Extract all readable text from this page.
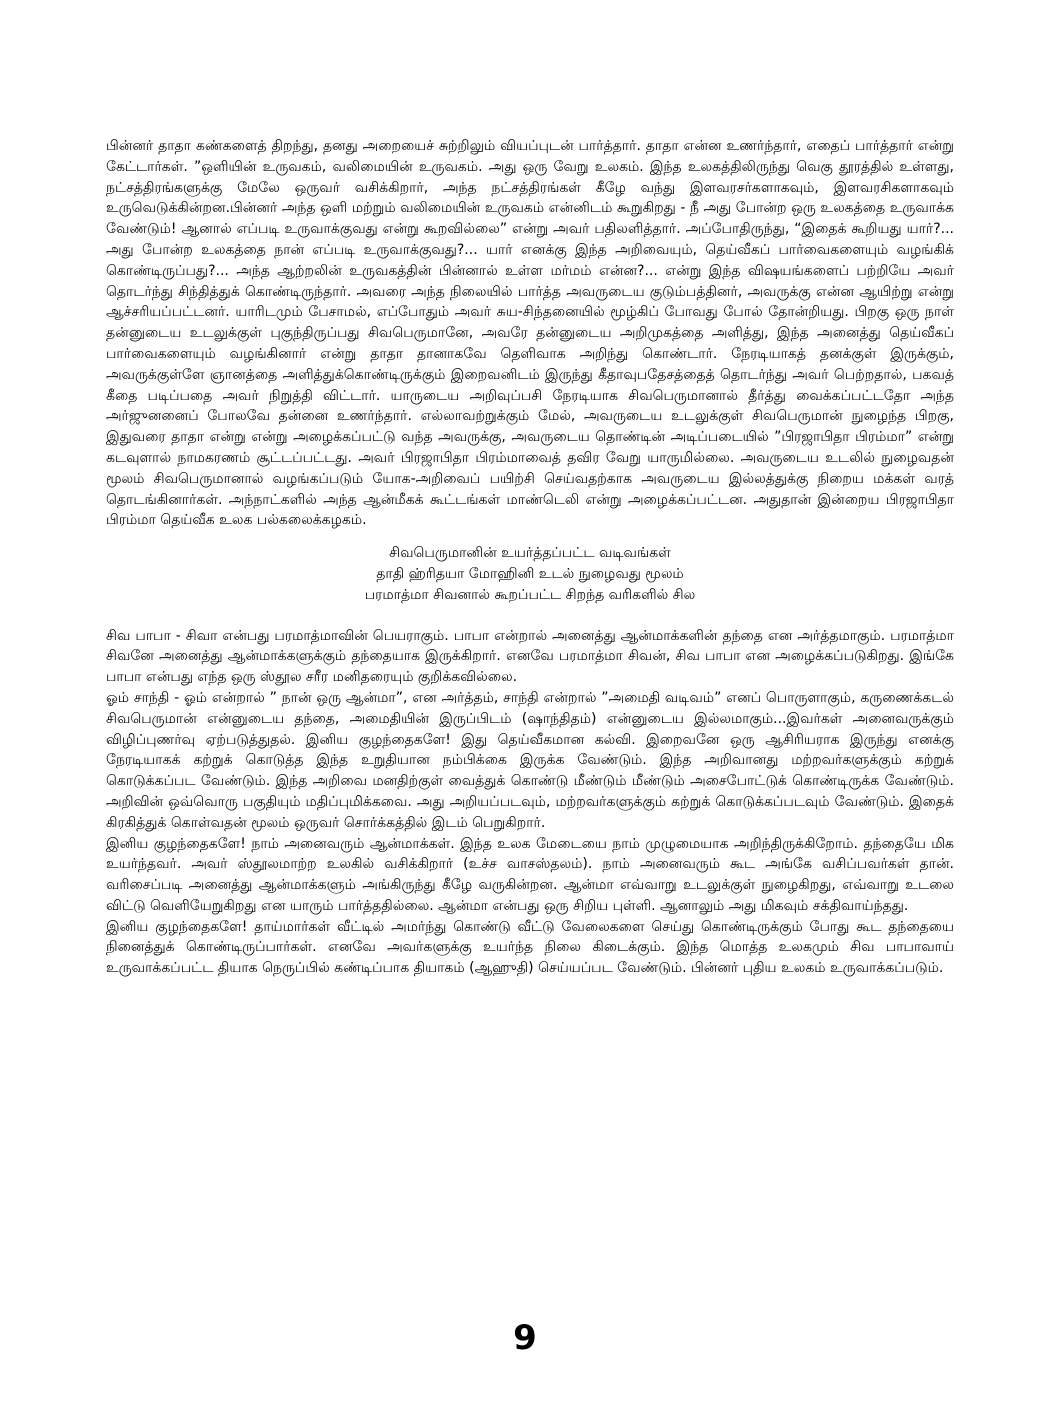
பின்னர் தாதா கண்களைத் திறந்து, தனது அறையைச் சுற்றிலும் வியப்புடன் பார்த்தார். தாதா என்ன உணர்ந்தார், எதைப் பார்த்தார் என்று கேட்டார்கள். ”ஒளியின் உருவகம், வலிமையின் உருவகம். அது ஒரு வேறு உலகம். இந்த உலகத்திலிருந்து வெகு தூரத்தில் உள்ளது, நட்சத்திரங்களுக்கு மேலே ஒருவர் வசிக்கிறார், அந்த நட்சத்திரங்கள் கீழே வந்து இளவரசர்களாகவும், இளவரசிகளாகவும் உருவெடுக்கின்றன.பின்னர் அந்த ஒளி மற்றும் வலிமையின் உருவகம் என்னிடம் கூறுகிறது - நீ அது போன்ற ஒரு உலகத்தை உருவாக்க வேண்டும்! ஆனால் எப்படி உருவாக்குவது என்று கூறவில்லை” என்று அவர் பதிலளித்தார். அப்போதிருந்து, “இதைக் கூறியது யார்?... அது போன்ற உலகத்தை நான் எப்படி உருவாக்குவது?... யார் எனக்கு இந்த அறிவையும், தெய்வீகப் பார்வைகளையும் வழங்கிக் கொண்டிருப்பது?... அந்த ஆற்றலின் உருவகத்தின் பின்னால் உள்ள மர்மம் என்ன?... என்று இந்த விஷயங்களைப் பற்றியே அவர் தொடர்ந்து சிந்தித்துக் கொண்டிருந்தார். அவரை அந்த நிலையில் பார்த்த அவருடைய குடும்பத்தினர், அவருக்கு என்ன ஆயிற்று என்று ஆச்சரியப்பட்டனர். யாரிடமும் பேசாமல், எப்போதும் அவர் சுய-சிந்தனையில் மூழ்கிப் போவது போல் தோன்றியது. பிறகு ஒரு நாள் தன்னுடைய உடலுக்குள் புகுந்திருப்பது சிவபெருமானே, அவரே தன்னுடைய அறிமுகத்தை அளித்து, இந்த அனைத்து தெய்வீகப் பார்வைகளையும் வழங்கினார் என்று தாதா தானாகவே தெளிவாக அறிந்து கொண்டார். நேரடியாகத் தனக்குள் இருக்கும், அவருக்குள்ளே ஞானத்தை அளித்துக்கொண்டிருக்கும் இறைவனிடம் இருந்து கீதாவுபதேசத்தைத் தொடர்ந்து அவர் பெற்றதால், பகவத் கீதை படிப்பதை அவர் நிறுத்தி விட்டார். யாருடைய அறிவுப்பசி நேரடியாக சிவபெருமானால் தீர்த்து வைக்கப்பட்டதோ அந்த அர்ஜுனனைப் போலவே தன்னை உணர்ந்தார். எல்லாவற்றுக்கும் மேல், அவருடைய உடலுக்குள் சிவபெருமான் நுழைந்த பிறகு, இதுவரை தாதா என்று என்று அழைக்கப்பட்டு வந்த அவருக்கு, அவருடைய தொண்டின் அடிப்படையில் ”பிரஜாபிதா பிரம்மா” என்று கடவுளால் நாமகரணம் சூட்டப்பட்டது. அவர் பிரஜாபிதா பிரம்மாவைத் தவிர வேறு யாருமில்லை. அவருடைய உடலில் நுழைவதன் மூலம் சிவபெருமானால் வழங்கப்படும் யோக-அறிவைப் பயிற்சி செய்வதற்காக அவருடைய இல்லத்துக்கு நிறைய மக்கள் வரத் தொடங்கினார்கள். அந்நாட்களில் அந்த ஆன்மீகக் கூட்டங்கள் மாண்டெலி என்று அழைக்கப்பட்டன. அதுதான் இன்றைய பிரஜாபிதா பிரம்மா தெய்வீக உலக பல்கலைக்கழகம்.

சிவபெருமானின் உயர்த்தப்பட்ட வடிவங்கள்
தாதி ஹ்ரிதயா மோஹினி உடல் நுழைவது மூலம்
பரமாத்மா சிவனால் கூறப்பட்ட சிறந்த வரிகளில் சில

சிவ பாபா - சிவா என்பது பரமாத்மாவின் பெயராகும். பாபா என்றால் அனைத்து ஆன்மாக்களின் தந்தை என அர்த்தமாகும். பரமாத்மா சிவனே அனைத்து ஆன்மாக்களுக்கும் தந்தையாக இருக்கிறார். எனவே பரமாத்மா சிவன், சிவ பாபா என அழைக்கப்படுகிறது. இங்கே பாபா என்பது எந்த ஒரு ஸ்தூல சரீர மனிதரையும் குறிக்கவில்லை.

ஓம் சாந்தி - ஓம் என்றால் ” நான் ஒரு ஆன்மா”, என அர்த்தம், சாந்தி என்றால் ”அமைதி வடிவம்” எனப் பொருளாகும், கருணைக்கடல் சிவபெருமான் என்னுடைய தந்தை, அமைதியின் இருப்பிடம் (ஷாந்திதம்) என்னுடைய இல்லமாகும்...இவர்கள் அனைவருக்கும் விழிப்புணர்வு ஏற்படுத்துதல். இனிய குழந்தைகளே! இது தெய்வீகமான கல்வி. இறைவனே ஒரு ஆசிரியராக இருந்து எனக்கு நேரடியாகக் கற்றுக் கொடுத்த இந்த உறுதியான நம்பிக்கை இருக்க வேண்டும். இந்த அறிவானது மற்றவர்களுக்கும் கற்றுக் கொடுக்கப்பட வேண்டும். இந்த அறிவை மனதிற்குள் வைத்துக் கொண்டு மீண்டும் மீண்டும் அசைபோட்டுக் கொண்டிருக்க வேண்டும். அறிவின் ஒவ்வொரு பகுதியும் மதிப்புமிக்கவை. அது அறியப்படவும், மற்றவர்களுக்கும் கற்றுக் கொடுக்கப்படவும் வேண்டும். இதைக் கிரகித்துக் கொள்வதன் மூலம் ஒருவர் சொர்க்கத்தில் இடம் பெறுகிறார்.

இனிய குழந்தைகளே! நாம் அனைவரும் ஆன்மாக்கள். இந்த உலக மேடையை நாம் முழுமையாக அறிந்திருக்கிறோம். தந்தையே மிக உயர்ந்தவர். அவர் ஸ்தூலமாற்ற உலகில் வசிக்கிறார் (உச்ச வாசஸ்தலம்). நாம் அனைவரும் கூட அங்கே வசிப்பவர்கள் தான். வரிசைப்படி அனைத்து ஆன்மாக்களும் அங்கிருந்து கீழே வருகின்றன. ஆன்மா எவ்வாறு உடலுக்குள் நுழைகிறது, எவ்வாறு உடலை விட்டு வெளியேறுகிறது என யாரும் பார்த்ததில்லை. ஆன்மா என்பது ஒரு சிறிய புள்ளி. ஆனாலும் அது மிகவும் சக்திவாய்ந்தது.

இனிய குழந்தைகளே! தாய்மார்கள் வீட்டில் அமர்ந்து கொண்டு வீட்டு வேலைகளை செய்து கொண்டிருக்கும் போது கூட தந்தையை நினைத்துக் கொண்டிருப்பார்கள். எனவே அவர்களுக்கு உயர்ந்த நிலை கிடைக்கும். இந்த மொத்த உலகமும் சிவ பாபாவாய் உருவாக்கப்பட்ட தியாக நெருப்பில் கண்டிப்பாக தியாகம் (ஆஹுதி) செய்யப்பட வேண்டும். பின்னர் புதிய உலகம் உருவாக்கப்படும்.

9
